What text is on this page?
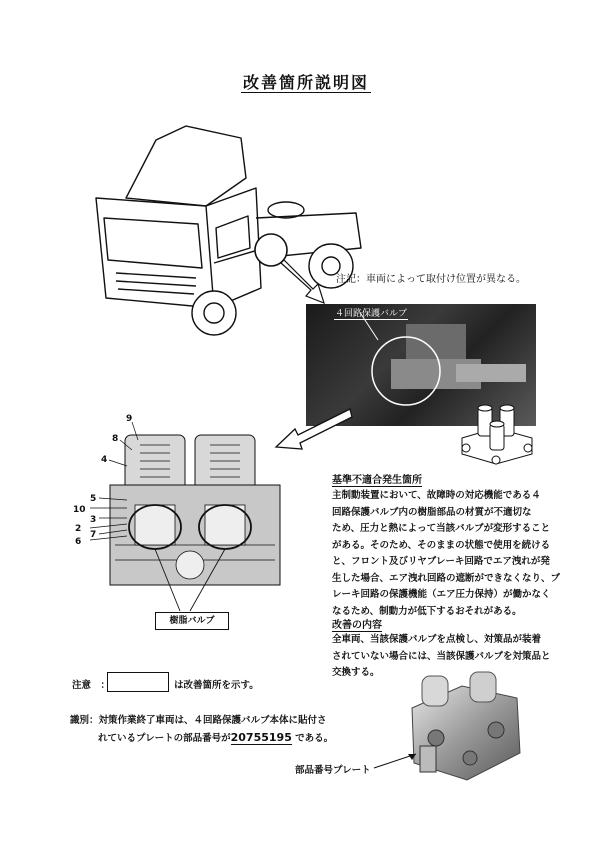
改善箇所説明図
注記：車両によって取付け位置が異なる。
４回路保護バルブ
9
8
4
5
10
3
2
7
6
樹脂バルブ
基準不適合発生箇所
主制動装置において、故障時の対応機能である４
回路保護バルブ内の樹脂部品の材質が不適切な
ため、圧力と熱によって当該バルブが変形すること
がある。そのため、そのままの状態で使用を続ける
と、フロント及びリヤブレーキ回路でエア洩れが発
生した場合、エア洩れ回路の遮断ができなくなり、ブ
レーキ回路の保護機能（エア圧力保持）が働かなく
なるため、制動力が低下するおそれがある。
改善の内容
全車両、当該保護バルブを点検し、対策品が装着
されていない場合には、当該保護バルブを対策品と
交換する。
注意　：	は改善箇所を示す。
識別：対策作業終了車両は、４回路保護バルブ本体に貼付さ
れているプレートの部品番号が20755195 である。
部品番号プレート
